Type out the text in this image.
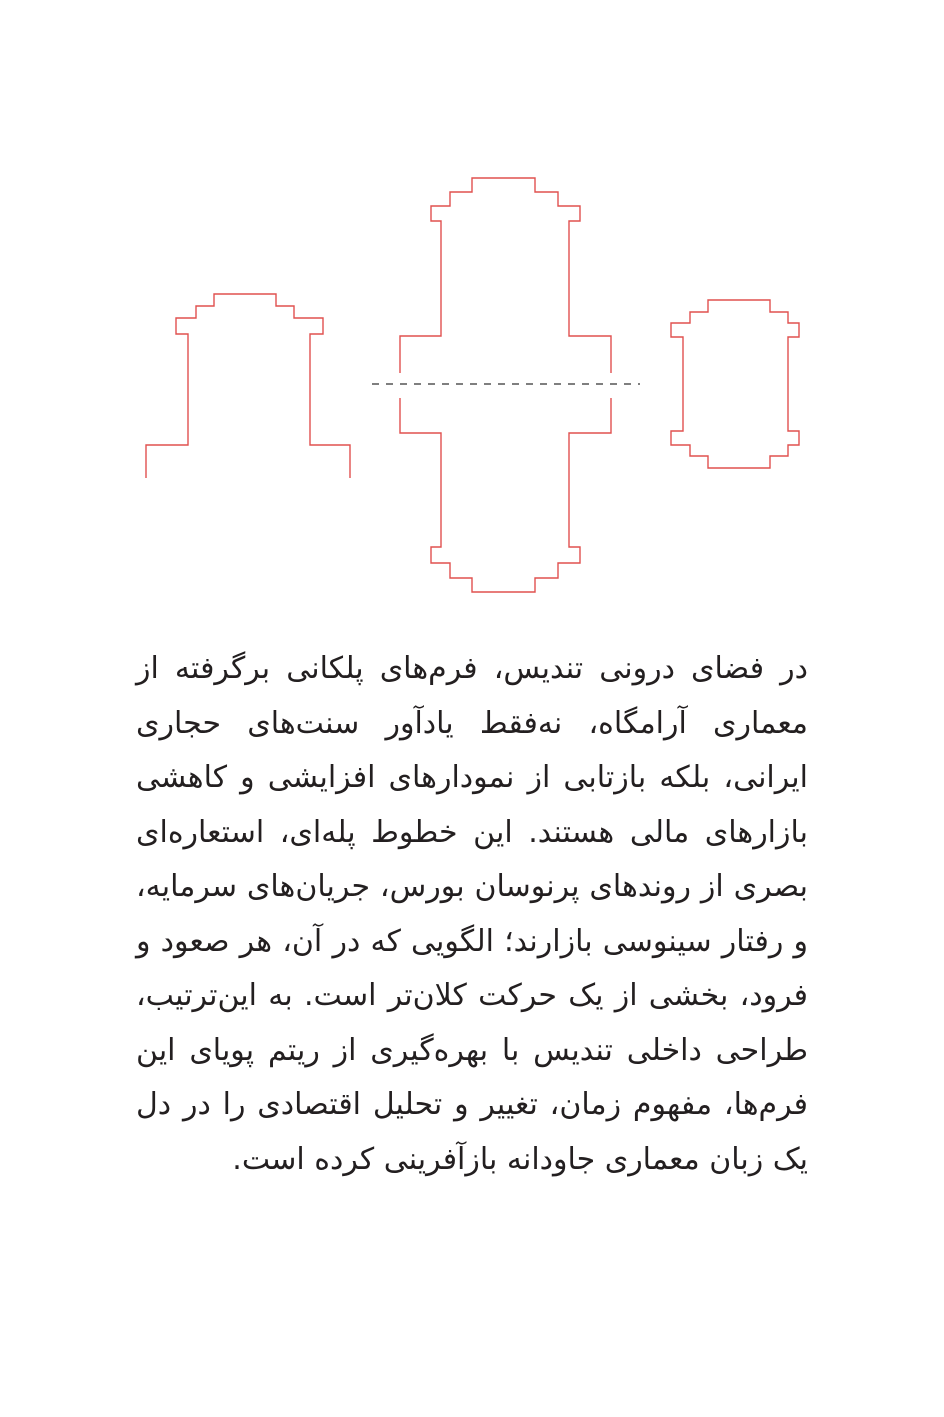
در فضای درونی تندیس، فرم‌های پلکانی برگرفته از معماری آرامگاه، نه‌فقط یادآور سنت‌های حجاری ایرانی، بلکه بازتابی از نمودارهای افزایشی و کاهشی بازارهای مالی هستند. این خطوط پله‌ای، استعاره‌ای بصری از روندهای پرنوسان بورس، جریان‌های سرمایه، و رفتار سینوسی بازارند؛ الگویی که در آن، هر صعود و فرود، بخشی از یک حرکت کلان‌تر است. به این‌ترتیب، طراحی داخلی تندیس با بهره‌گیری از ریتم پویای این فرم‌ها، مفهوم زمان، تغییر و تحلیل اقتصادی را در دل یک زبان معماری جاودانه بازآفرینی کرده است.
